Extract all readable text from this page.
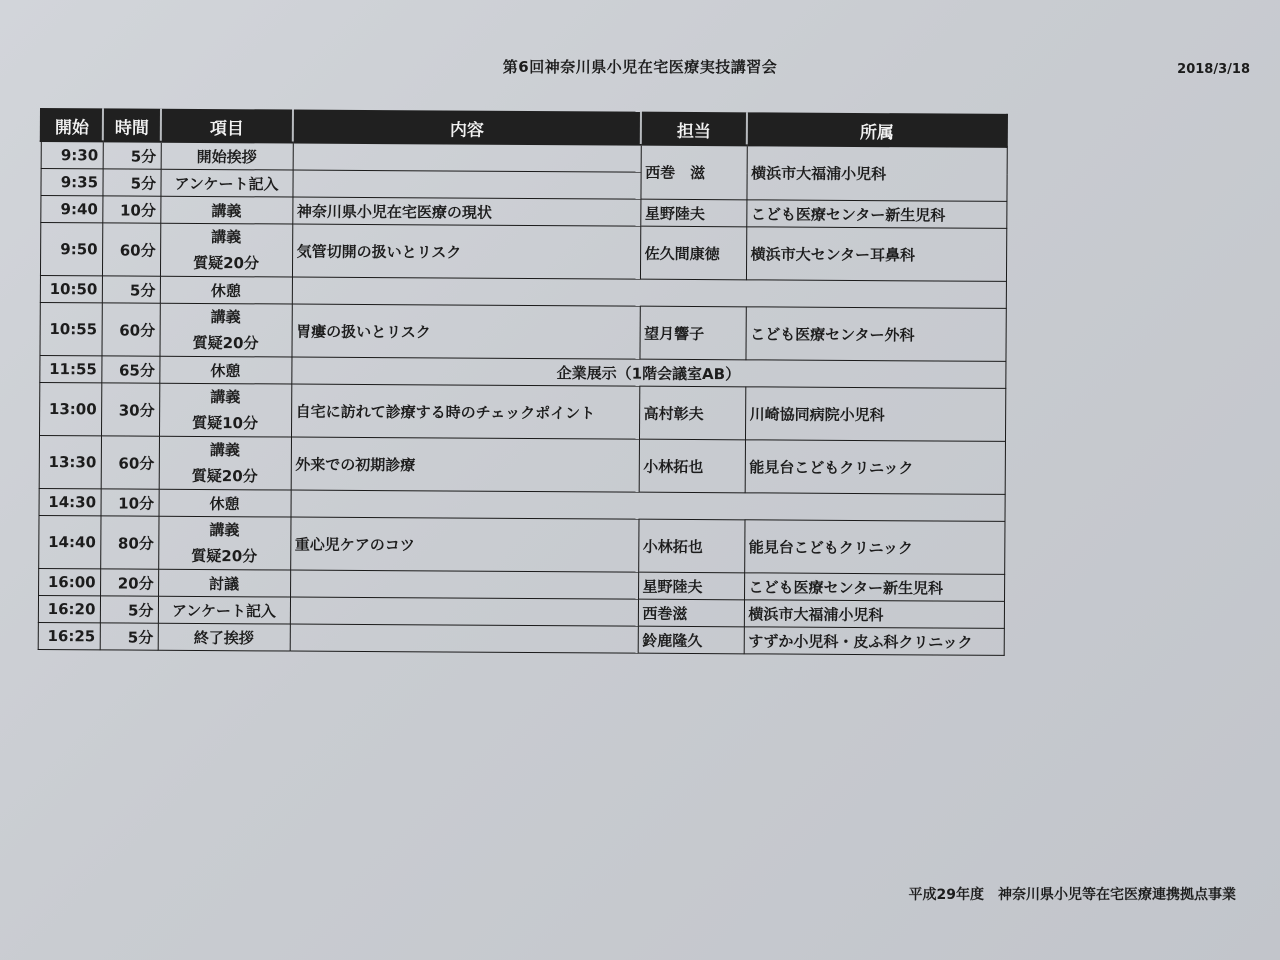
第6回神奈川県小児在宅医療実技講習会	2018/3/18
開始	時間	項目	内容	担当	所属
9:30	5分	開始挨拶		西巻　滋	横浜市大福浦小児科
9:35	5分	アンケート記入			
9:40	10分	講義	神奈川県小児在宅医療の現状	星野陸夫	こども医療センター新生児科
9:50	60分	講義
質疑20分	気管切開の扱いとリスク	佐久間康徳	横浜市大センター耳鼻科
10:50	5分	休憩			
10:55	60分	講義
質疑20分	胃瘻の扱いとリスク	望月響子	こども医療センター外科
11:55	65分	休憩	企業展示（1階会議室AB）		
13:00	30分	講義
質疑10分	自宅に訪れて診療する時のチェックポイント	高村彰夫	川崎協同病院小児科
13:30	60分	講義
質疑20分	外来での初期診療	小林拓也	能見台こどもクリニック
14:30	10分	休憩			
14:40	80分	講義
質疑20分	重心児ケアのコツ	小林拓也	能見台こどもクリニック
16:00	20分	討議		星野陸夫	こども医療センター新生児科
16:20	5分	アンケート記入		西巻滋	横浜市大福浦小児科
16:25	5分	終了挨拶		鈴鹿隆久	すずか小児科・皮ふ科クリニック
平成29年度　神奈川県小児等在宅医療連携拠点事業
